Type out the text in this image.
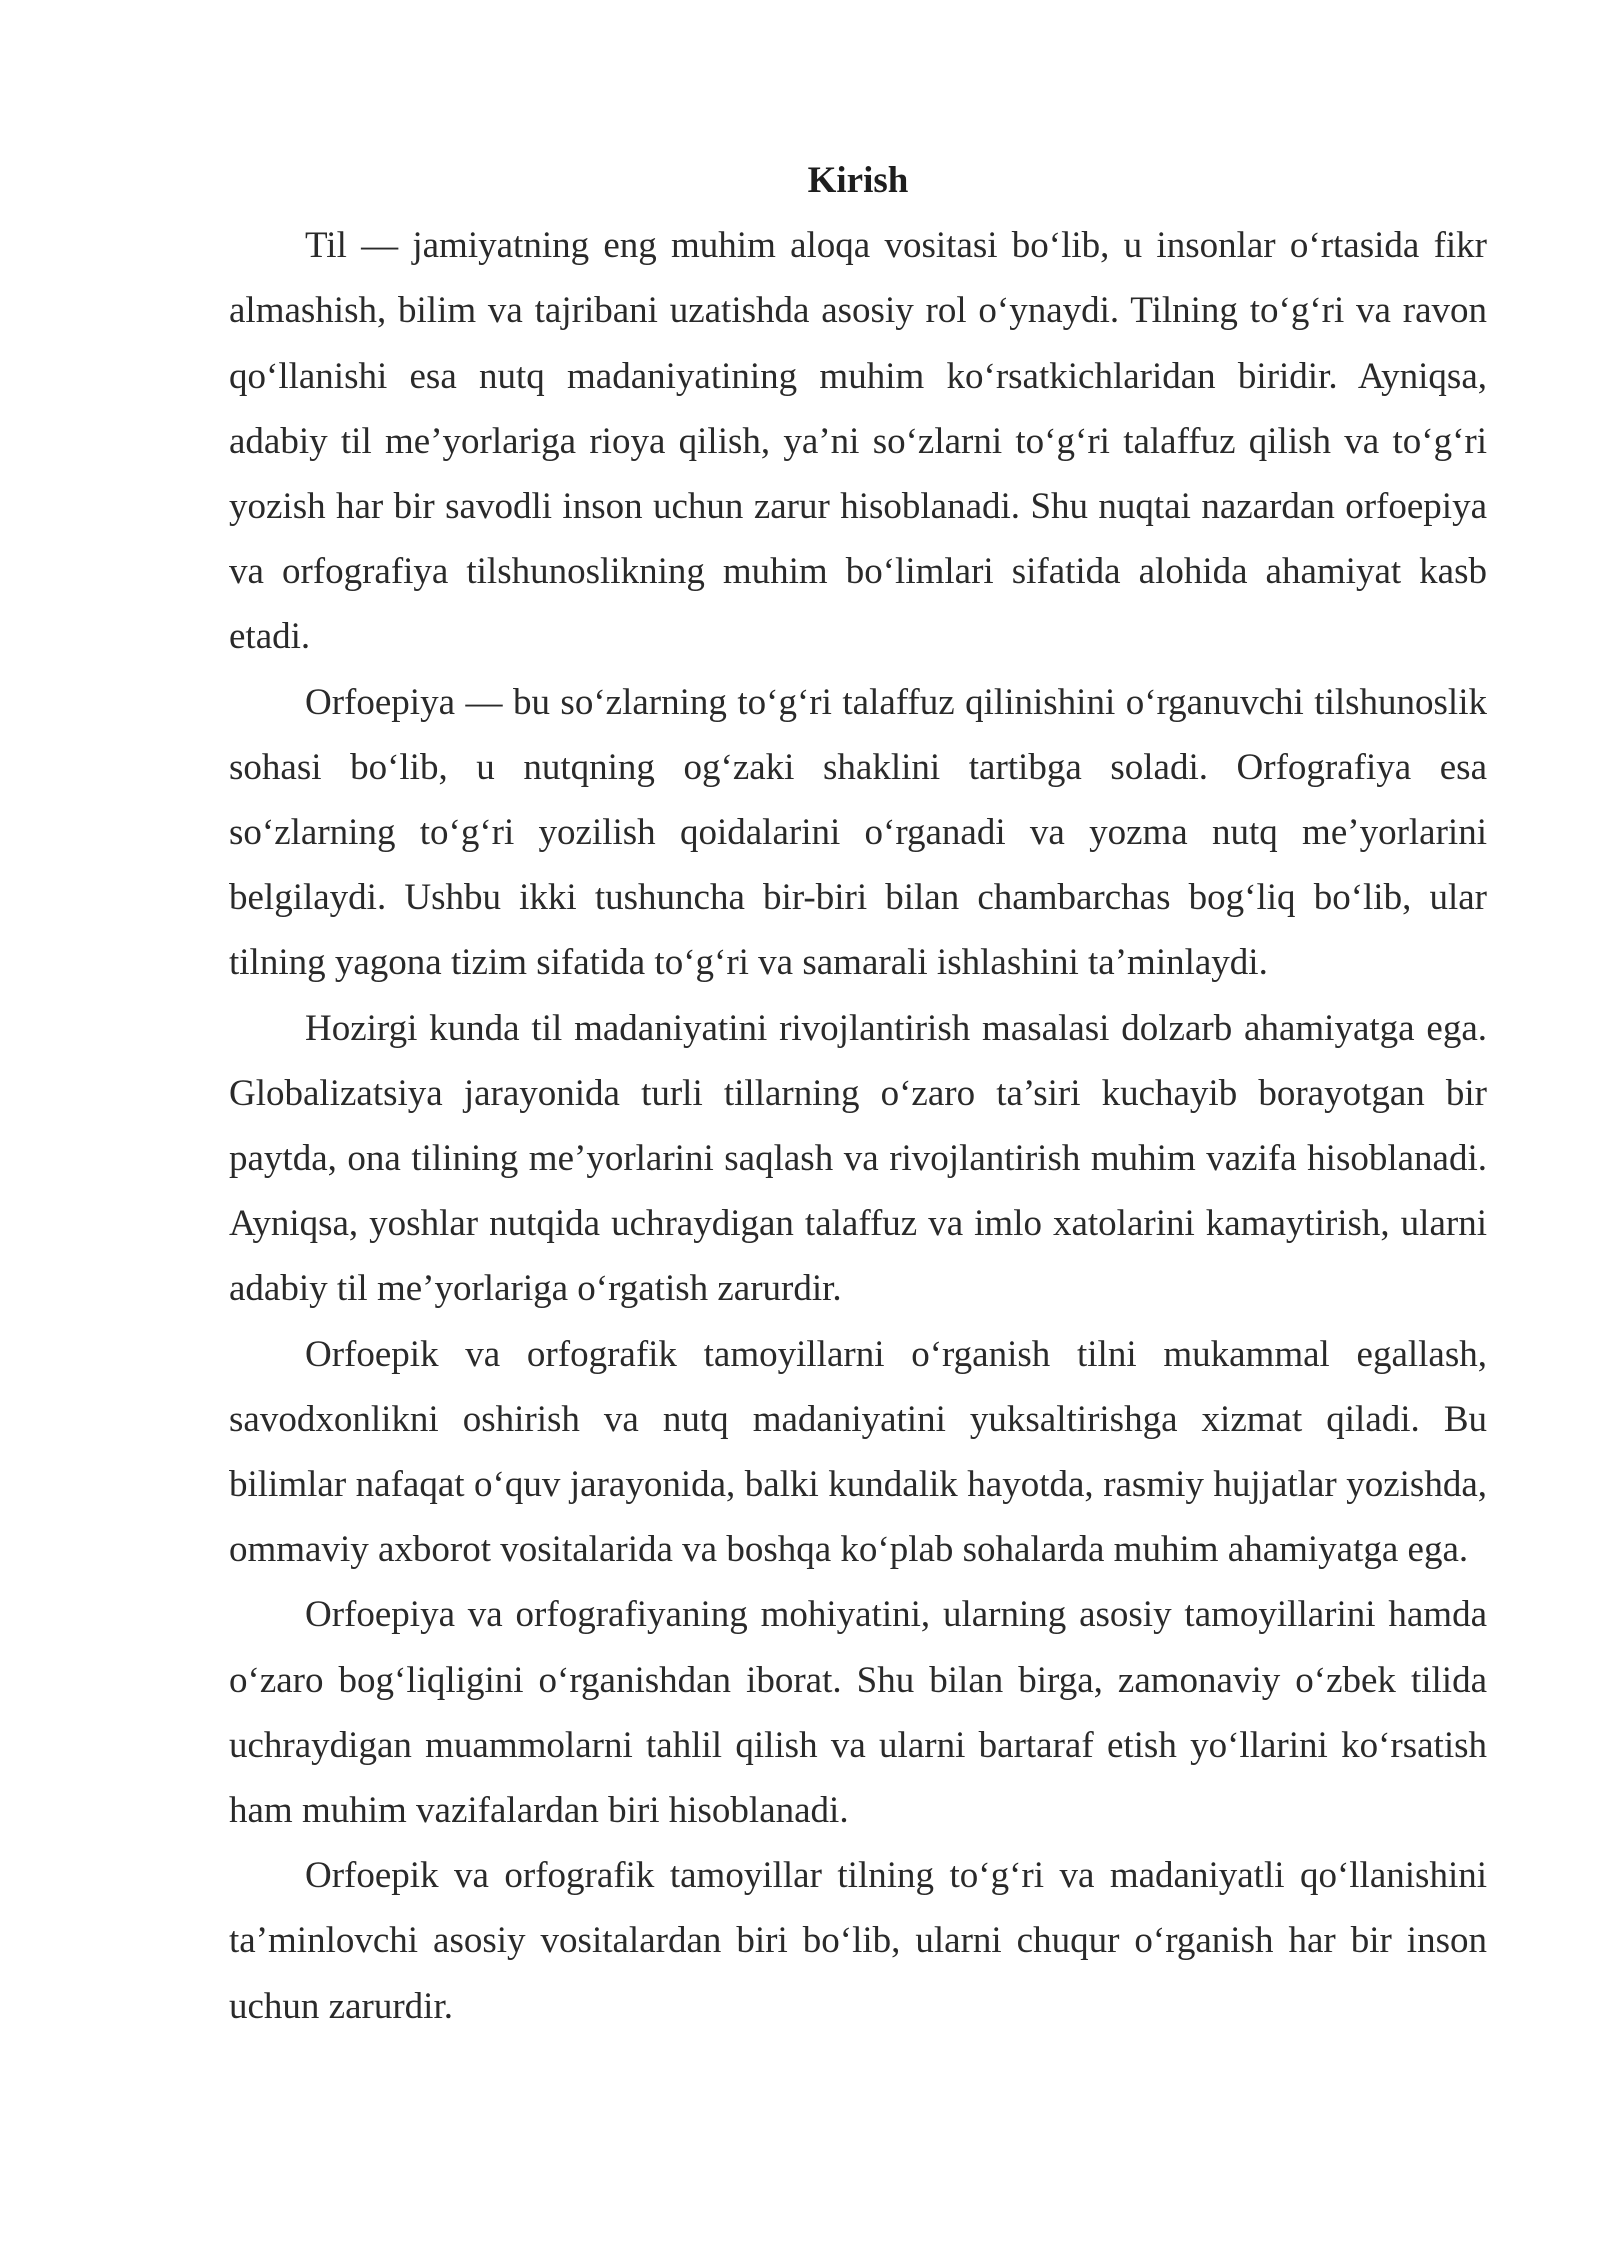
Kirish

Til — jamiyatning eng muhim aloqa vositasi bo‘lib, u insonlar o‘rtasida fikr almashish, bilim va tajribani uzatishda asosiy rol o‘ynaydi. Tilning to‘g‘ri va ravon qo‘llanishi esa nutq madaniyatining muhim ko‘rsatkichlaridan biridir. Ayniqsa, adabiy til me’yorlariga rioya qilish, ya’ni so‘zlarni to‘g‘ri talaffuz qilish va to‘g‘ri yozish har bir savodli inson uchun zarur hisoblanadi. Shu nuqtai nazardan orfoepiya va orfografiya tilshunoslikning muhim bo‘limlari sifatida alohida ahamiyat kasb etadi.

Orfoepiya — bu so‘zlarning to‘g‘ri talaffuz qilinishini o‘rganuvchi tilshunoslik sohasi bo‘lib, u nutqning og‘zaki shaklini tartibga soladi. Orfografiya esa so‘zlarning to‘g‘ri yozilish qoidalarini o‘rganadi va yozma nutq me’yorlarini belgilaydi. Ushbu ikki tushuncha bir-biri bilan chambarchas bog‘liq bo‘lib, ular tilning yagona tizim sifatida to‘g‘ri va samarali ishlashini ta’minlaydi.

Hozirgi kunda til madaniyatini rivojlantirish masalasi dolzarb ahamiyatga ega. Globalizatsiya jarayonida turli tillarning o‘zaro ta’siri kuchayib borayotgan bir paytda, ona tilining me’yorlarini saqlash va rivojlantirish muhim vazifa hisoblanadi. Ayniqsa, yoshlar nutqida uchraydigan talaffuz va imlo xatolarini kamaytirish, ularni adabiy til me’yorlariga o‘rgatish zarurdir.

Orfoepik va orfografik tamoyillarni o‘rganish tilni mukammal egallash, savodxonlikni oshirish va nutq madaniyatini yuksaltirishga xizmat qiladi. Bu bilimlar nafaqat o‘quv jarayonida, balki kundalik hayotda, rasmiy hujjatlar yozishda, ommaviy axborot vositalarida va boshqa ko‘plab sohalarda muhim ahamiyatga ega.

Orfoepiya va orfografiyaning mohiyatini, ularning asosiy tamoyillarini hamda o‘zaro bog‘liqligini o‘rganishdan iborat. Shu bilan birga, zamonaviy o‘zbek tilida uchraydigan muammolarni tahlil qilish va ularni bartaraf etish yo‘llarini ko‘rsatish ham muhim vazifalardan biri hisoblanadi.

Orfoepik va orfografik tamoyillar tilning to‘g‘ri va madaniyatli qo‘llanishini ta’minlovchi asosiy vositalardan biri bo‘lib, ularni chuqur o‘rganish har bir inson uchun zarurdir.
